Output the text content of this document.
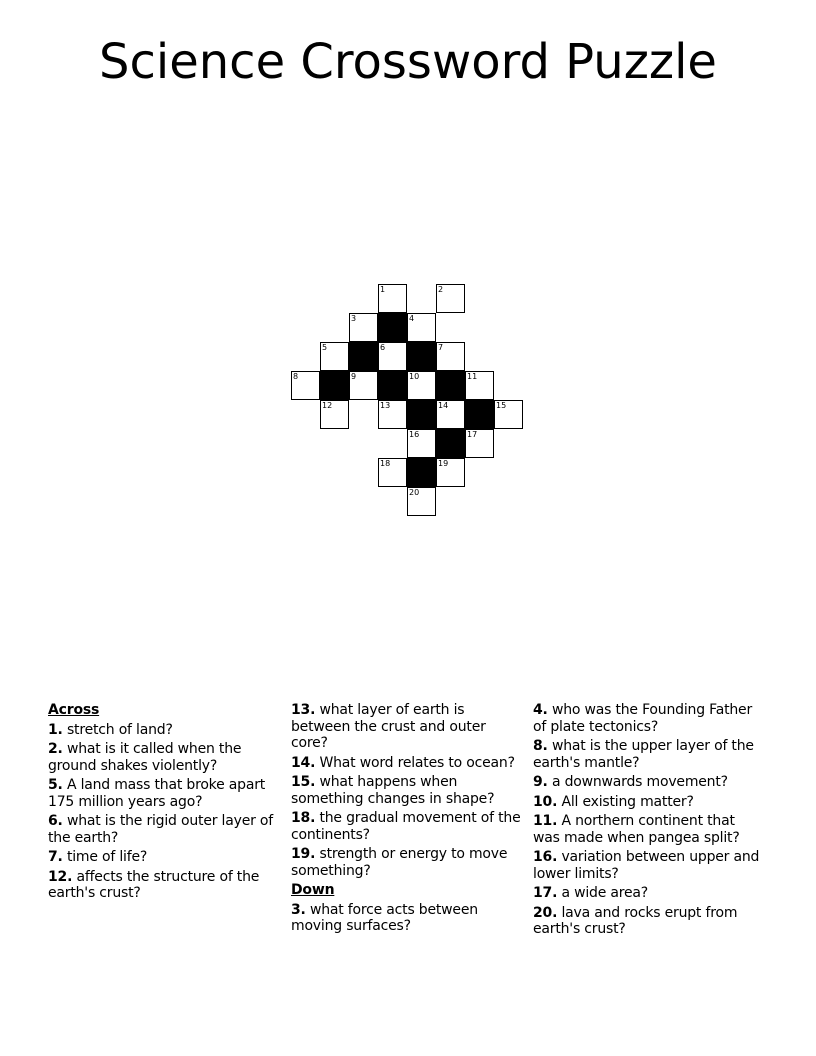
Science Crossword Puzzle
1	2
3	4
5	6	7
8	9	10	11
12	13	14	15
16	17
18	19
20
Across
1. stretch of land?
2. what is it called when the ground shakes violently?
5. A land mass that broke apart 175 million years ago?
6. what is the rigid outer layer of the earth?
7. time of life?
12. affects the structure of the earth's crust?
13. what layer of earth is between the crust and outer core?
14. What word relates to ocean?
15. what happens when something changes in shape?
18. the gradual movement of the continents?
19. strength or energy to move something?
Down
3. what force acts between moving surfaces?
4. who was the Founding Father of plate tectonics?
8. what is the upper layer of the earth's mantle?
9. a downwards movement?
10. All existing matter?
11. A northern continent that was made when pangea split?
16. variation between upper and lower limits?
17. a wide area?
20. lava and rocks erupt from earth's crust?
